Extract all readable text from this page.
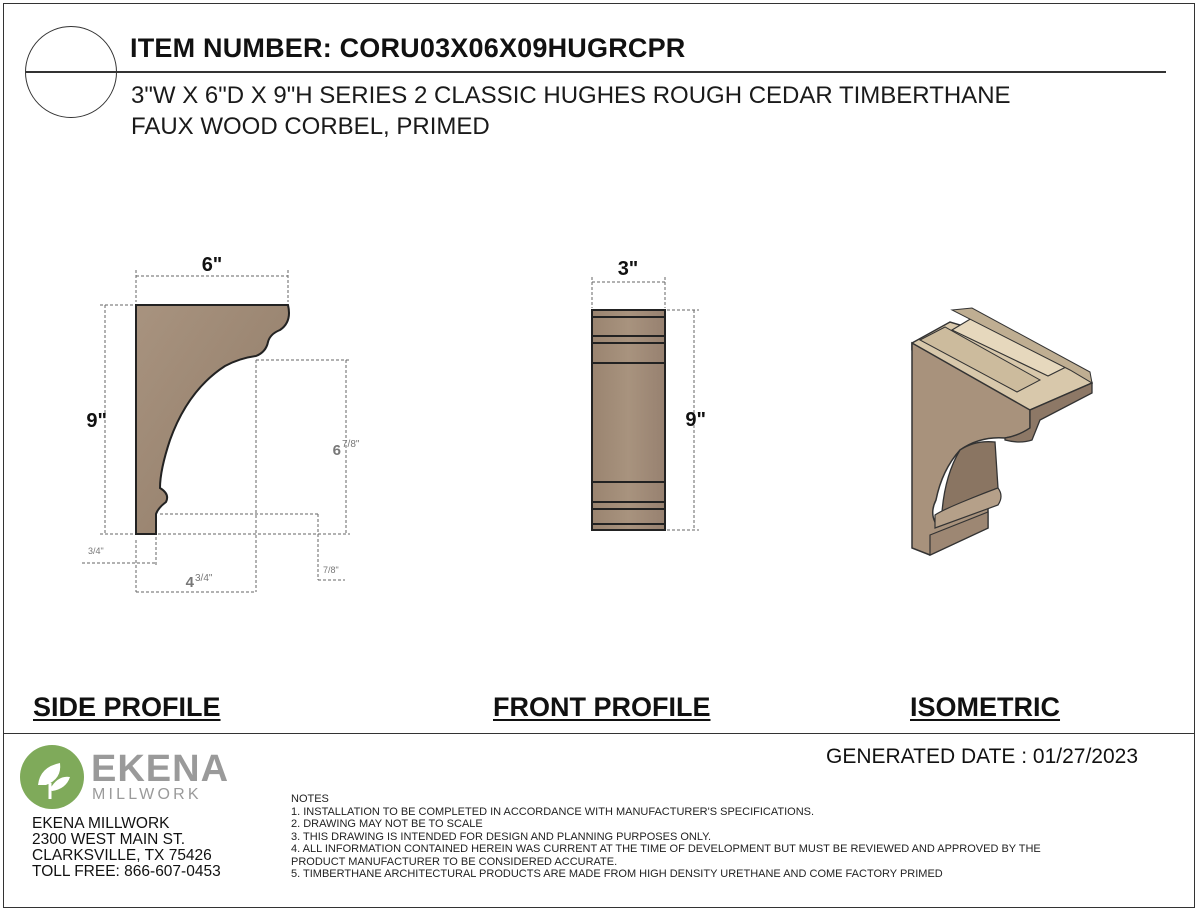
ITEM NUMBER: CORU03X06X09HUGRCPR
3"W X 6"D X 9"H SERIES 2 CLASSIC HUGHES ROUGH CEDAR TIMBERTHANE
FAUX WOOD CORBEL, PRIMED
6"
9"
6 7/8"
4 3/4"
3/4"
7/8"
3"
9"
SIDE PROFILE	FRONT PROFILE	ISOMETRIC
GENERATED DATE : 01/27/2023
EKENA
MILLWORK
EKENA MILLWORK
2300 WEST MAIN ST.
CLARKSVILLE, TX 75426
TOLL FREE: 866-607-0453
NOTES
1. INSTALLATION TO BE COMPLETED IN ACCORDANCE WITH MANUFACTURER'S SPECIFICATIONS.
2. DRAWING MAY NOT BE TO SCALE
3. THIS DRAWING IS INTENDED FOR DESIGN AND PLANNING PURPOSES ONLY.
4. ALL INFORMATION CONTAINED HEREIN WAS CURRENT AT THE TIME OF DEVELOPMENT BUT MUST BE REVIEWED AND APPROVED BY THE
PRODUCT MANUFACTURER TO BE CONSIDERED ACCURATE.
5. TIMBERTHANE ARCHITECTURAL PRODUCTS ARE MADE FROM HIGH DENSITY URETHANE AND COME FACTORY PRIMED
